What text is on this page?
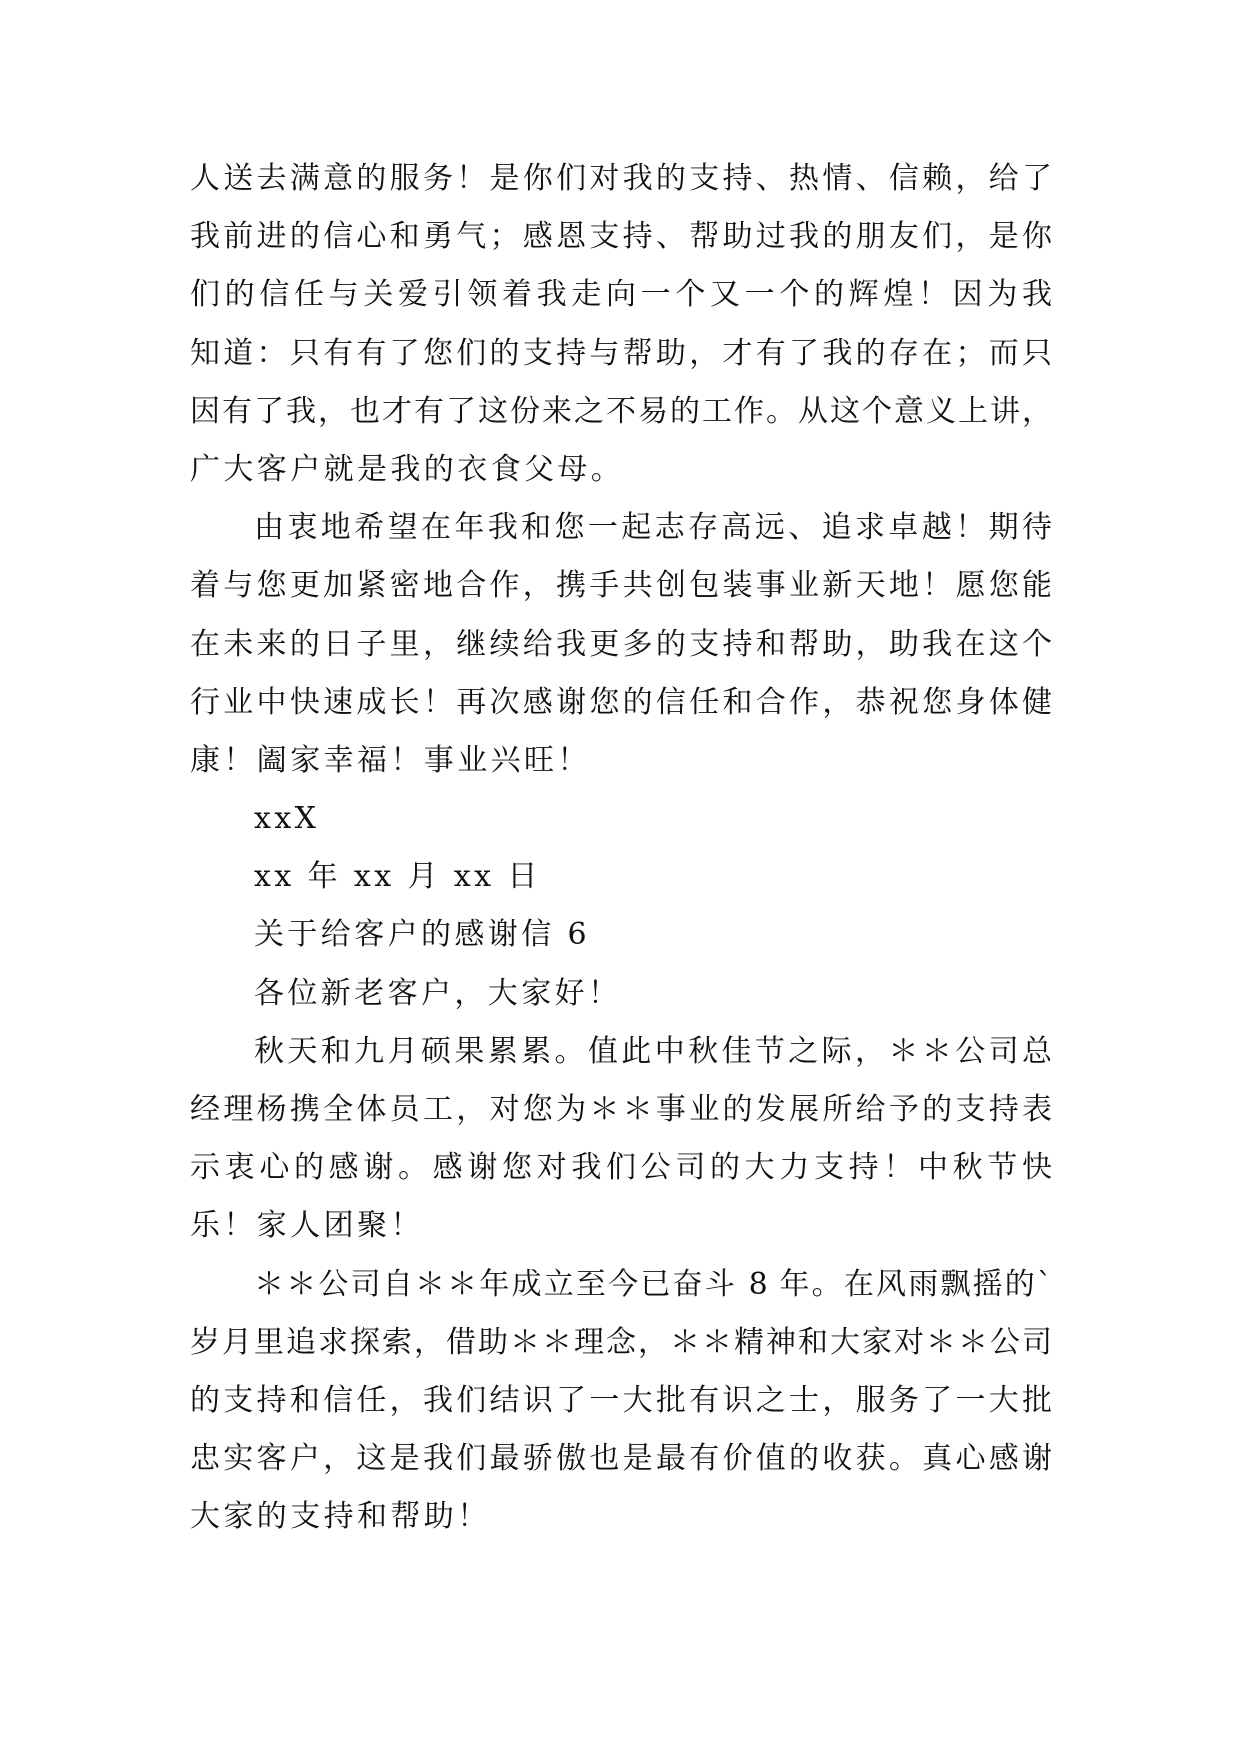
人送去满意的服务！是你们对我的支持、热情、信赖，给了
我前进的信心和勇气；感恩支持、帮助过我的朋友们，是你
们的信任与关爱引领着我走向一个又一个的辉煌！因为我
知道：只有有了您们的支持与帮助，才有了我的存在；而只
因有了我，也才有了这份来之不易的工作。从这个意义上讲，
广大客户就是我的衣食父母。
由衷地希望在年我和您一起志存高远、追求卓越！期待
着与您更加紧密地合作，携手共创包装事业新天地！愿您能
在未来的日子里，继续给我更多的支持和帮助，助我在这个
行业中快速成长！再次感谢您的信任和合作，恭祝您身体健
康！阖家幸福！事业兴旺！
xxX
xx 年 xx 月 xx 日
关于给客户的感谢信 6
各位新老客户，大家好！
秋天和九月硕果累累。值此中秋佳节之际，＊＊公司总
经理杨携全体员工，对您为＊＊事业的发展所给予的支持表
示衷心的感谢。感谢您对我们公司的大力支持！中秋节快
乐！家人团聚！
＊＊公司自＊＊年成立至今已奋斗 8 年。在风雨飘摇的`
岁月里追求探索，借助＊＊理念，＊＊精神和大家对＊＊公司
的支持和信任，我们结识了一大批有识之士，服务了一大批
忠实客户，这是我们最骄傲也是最有价值的收获。真心感谢
大家的支持和帮助！
